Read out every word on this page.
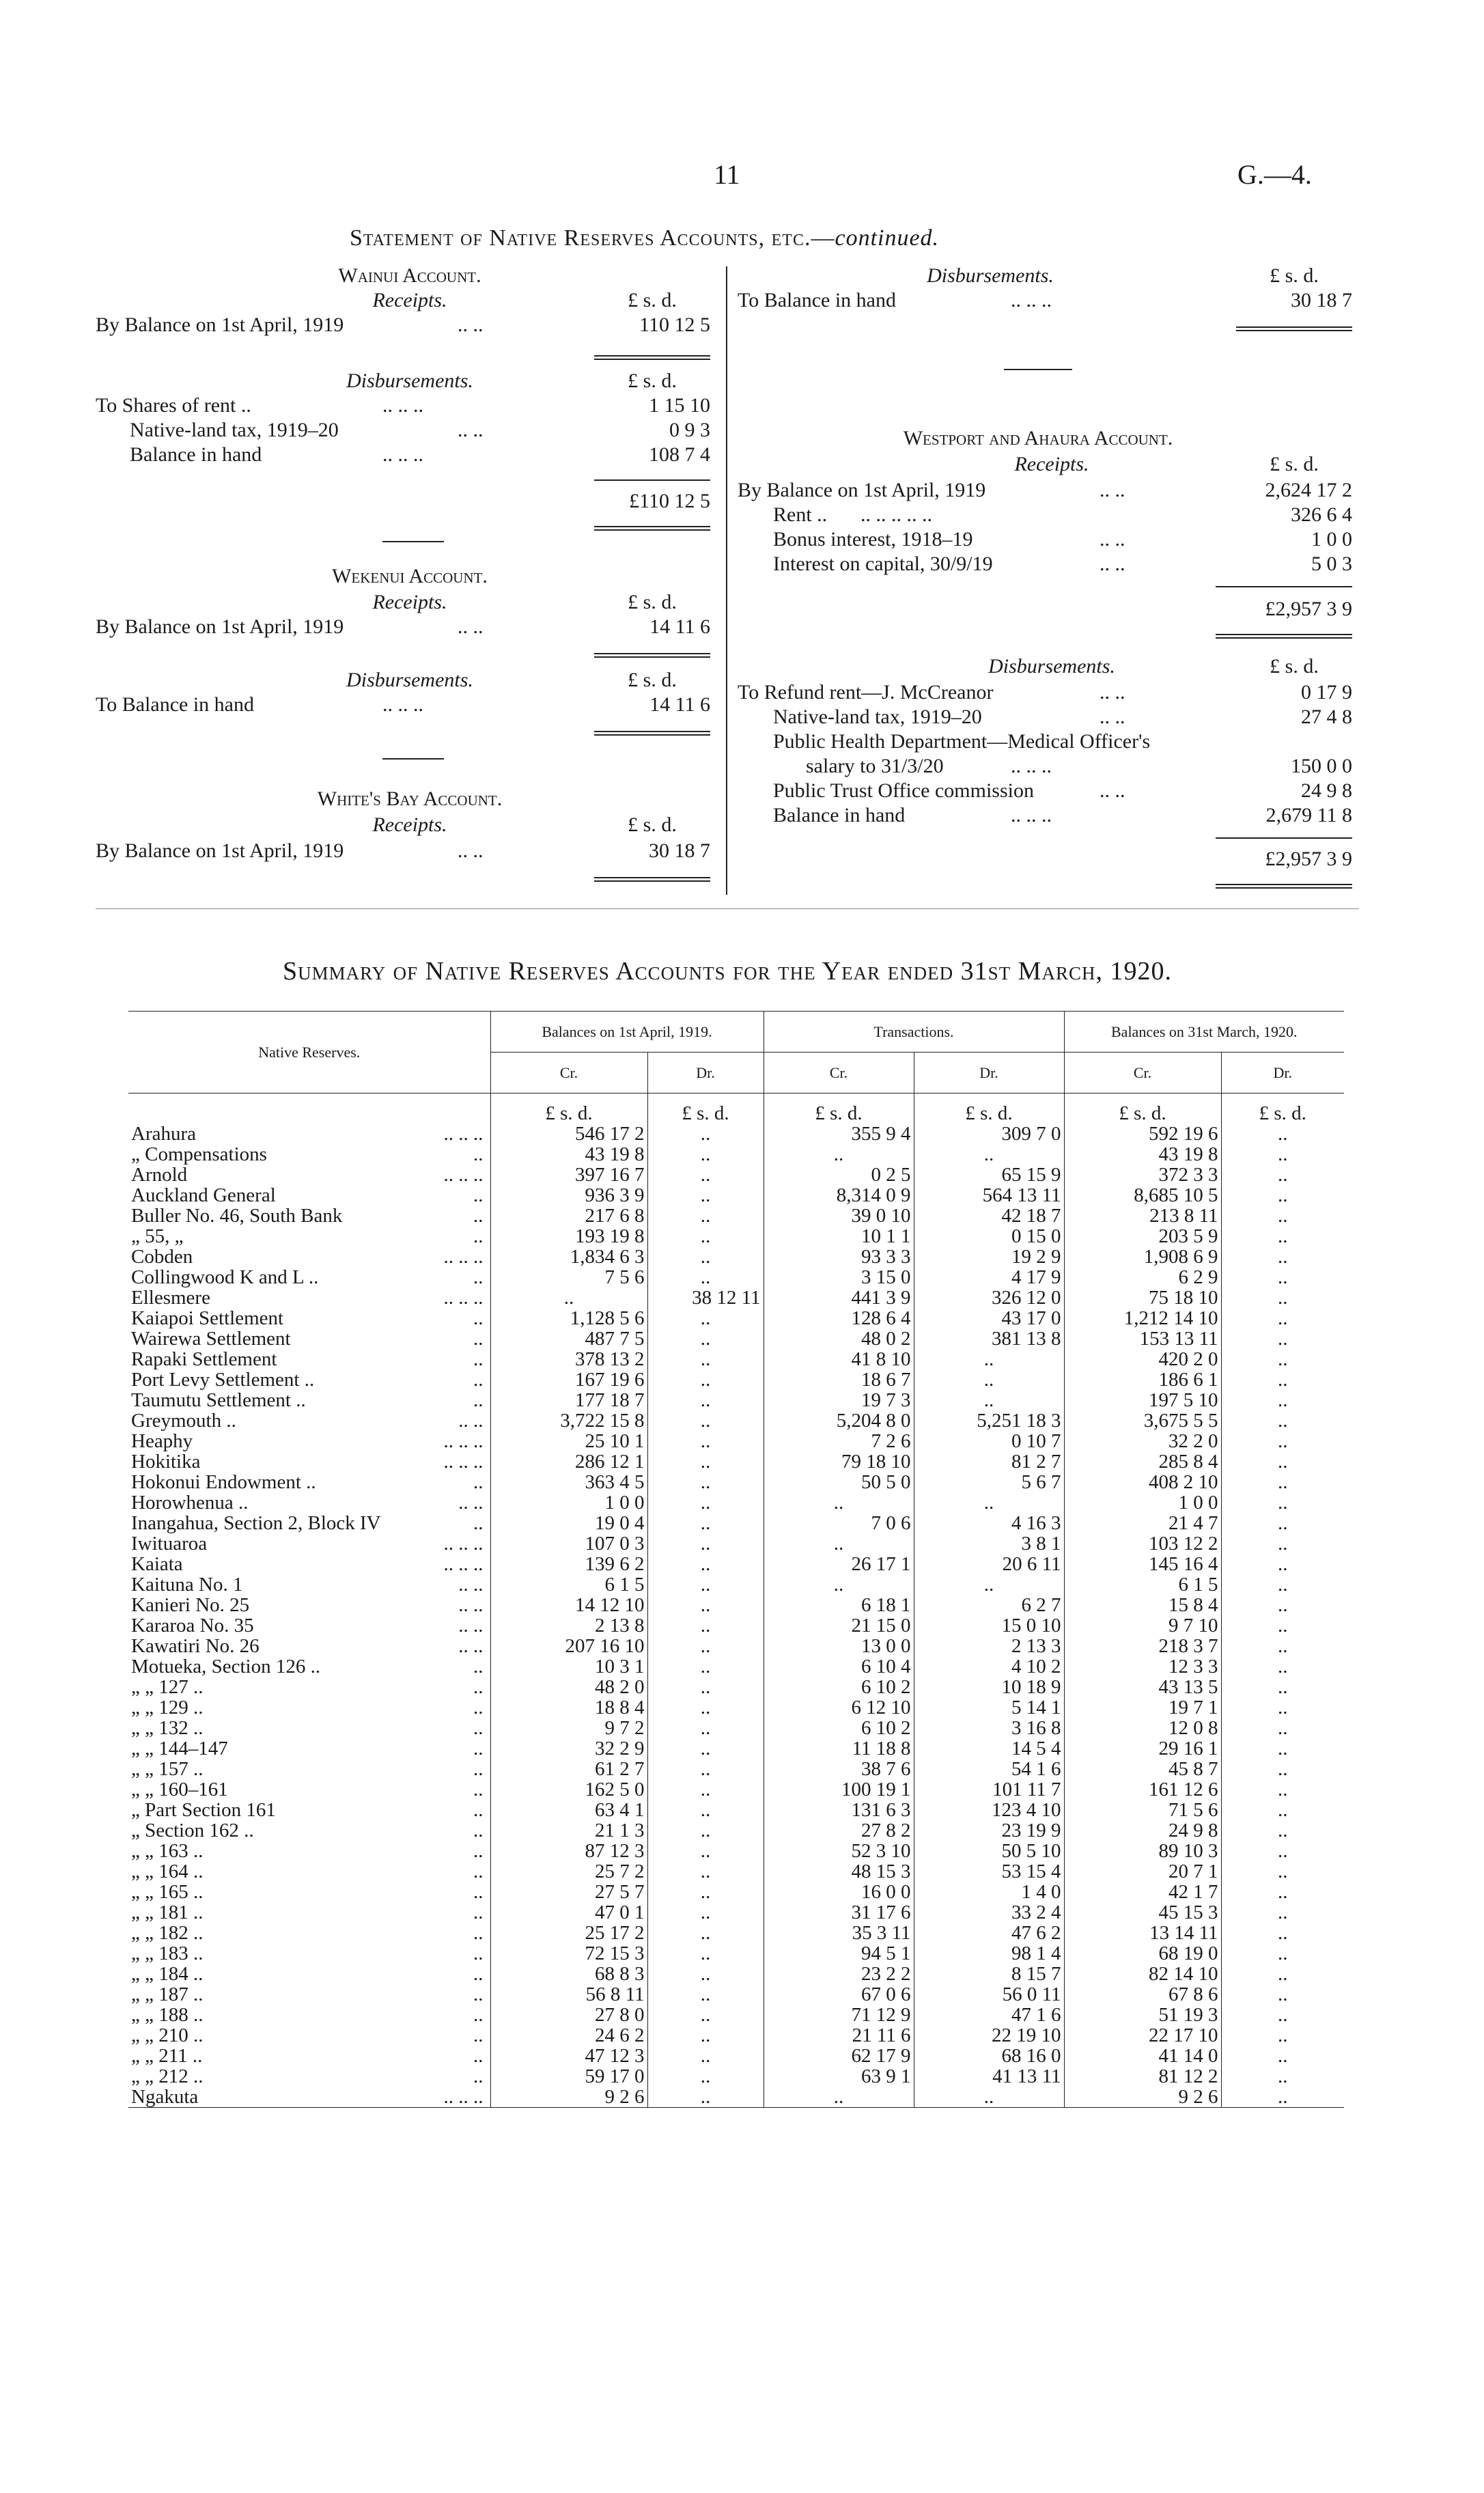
11	G.—4.
Statement of Native Reserves Accounts, etc.—continued.
Wainui Account.
Receipts.	£ s. d.
By Balance on 1st April, 1919	.. ..	110 12 5
Disbursements.	£ s. d.
To Shares of rent ..	.. .. ..	1 15 10
Native-land tax, 1919–20	.. ..	0 9 3
Balance in hand	.. .. ..	108 7 4
£110 12 5
Wekenui Account.
Receipts.	£ s. d.
By Balance on 1st April, 1919	.. ..	14 11 6
Disbursements.	£ s. d.
To Balance in hand	.. .. ..	14 11 6
White's Bay Account.
Receipts.	£ s. d.
By Balance on 1st April, 1919	.. ..	30 18 7
Disbursements.	£ s. d.
To Balance in hand	.. .. ..	30 18 7
Westport and Ahaura Account.
Receipts.	£ s. d.
By Balance on 1st April, 1919	.. ..	2,624 17 2
Rent .. .. .. .. .. ..	326 6 4
Bonus interest, 1918–19	.. ..	1 0 0
Interest on capital, 30/9/19	.. ..	5 0 3
£2,957 3 9
Disbursements.	£ s. d.
To Refund rent—J. McCreanor	.. ..	0 17 9
Native-land tax, 1919–20	.. ..	27 4 8
Public Health Department—Medical Officer's
salary to 31/3/20	.. .. ..	150 0 0
Public Trust Office commission	.. ..	24 9 8
Balance in hand	.. .. ..	2,679 11 8
£2,957 3 9
Summary of Native Reserves Accounts for the Year ended 31st March, 1920.
Native Reserves.	Balances on 1st April, 1919.		Transactions.		Balances on 31st March, 1920.	
	Cr.	Dr.	Cr.	Dr.	Cr.	Dr.
	£ s. d.	£ s. d.	£ s. d.	£ s. d.	£ s. d.	£ s. d.
Arahura .. .. ..	546 17 2	..	355 9 4	309 7 0	592 19 6	..
„ Compensations ..	43 19 8	..	..	..	43 19 8	..
Arnold .. .. ..	397 16 7	..	0 2 5	65 15 9	372 3 3	..
Auckland General ..	936 3 9	..	8,314 0 9	564 13 11	8,685 10 5	..
Buller No. 46, South Bank ..	217 6 8	..	39 0 10	42 18 7	213 8 11	..
„ 55, „ ..	193 19 8	..	10 1 1	0 15 0	203 5 9	..
Cobden .. .. ..	1,834 6 3	..	93 3 3	19 2 9	1,908 6 9	..
Collingwood K and L .. ..	7 5 6	..	3 15 0	4 17 9	6 2 9	..
Ellesmere .. .. ..	..	38 12 11	441 3 9	326 12 0	75 18 10	..
Kaiapoi Settlement ..	1,128 5 6	..	128 6 4	43 17 0	1,212 14 10	..
Wairewa Settlement ..	487 7 5	..	48 0 2	381 13 8	153 13 11	..
Rapaki Settlement ..	378 13 2	..	41 8 10	..	420 2 0	..
Port Levy Settlement .. ..	167 19 6	..	18 6 7	..	186 6 1	..
Taumutu Settlement .. ..	177 18 7	..	19 7 3	..	197 5 10	..
Greymouth .. .. ..	3,722 15 8	..	5,204 8 0	5,251 18 3	3,675 5 5	..
Heaphy .. .. ..	25 10 1	..	7 2 6	0 10 7	32 2 0	..
Hokitika .. .. ..	286 12 1	..	79 18 10	81 2 7	285 8 4	..
Hokonui Endowment .. ..	363 4 5	..	50 5 0	5 6 7	408 2 10	..
Horowhenua .. .. ..	1 0 0	..	..	..	1 0 0	..
Inangahua, Section 2, Block IV ..	19 0 4	..	7 0 6	4 16 3	21 4 7	..
Iwituaroa .. .. ..	107 0 3	..	..	3 8 1	103 12 2	..
Kaiata .. .. ..	139 6 2	..	26 17 1	20 6 11	145 16 4	..
Kaituna No. 1 .. ..	6 1 5	..	..	..	6 1 5	..
Kanieri No. 25 .. ..	14 12 10	..	6 18 1	6 2 7	15 8 4	..
Kararoa No. 35 .. ..	2 13 8	..	21 15 0	15 0 10	9 7 10	..
Kawatiri No. 26 .. ..	207 16 10	..	13 0 0	2 13 3	218 3 7	..
Motueka, Section 126 .. ..	10 3 1	..	6 10 4	4 10 2	12 3 3	..
„ „ 127 .. ..	48 2 0	..	6 10 2	10 18 9	43 13 5	..
„ „ 129 .. ..	18 8 4	..	6 12 10	5 14 1	19 7 1	..
„ „ 132 .. ..	9 7 2	..	6 10 2	3 16 8	12 0 8	..
„ „ 144–147 ..	32 2 9	..	11 18 8	14 5 4	29 16 1	..
„ „ 157 .. ..	61 2 7	..	38 7 6	54 1 6	45 8 7	..
„ „ 160–161 ..	162 5 0	..	100 19 1	101 11 7	161 12 6	..
„ Part Section 161 ..	63 4 1	..	131 6 3	123 4 10	71 5 6	..
„ Section 162 .. ..	21 1 3	..	27 8 2	23 19 9	24 9 8	..
„ „ 163 .. ..	87 12 3	..	52 3 10	50 5 10	89 10 3	..
„ „ 164 .. ..	25 7 2	..	48 15 3	53 15 4	20 7 1	..
„ „ 165 .. ..	27 5 7	..	16 0 0	1 4 0	42 1 7	..
„ „ 181 .. ..	47 0 1	..	31 17 6	33 2 4	45 15 3	..
„ „ 182 .. ..	25 17 2	..	35 3 11	47 6 2	13 14 11	..
„ „ 183 .. ..	72 15 3	..	94 5 1	98 1 4	68 19 0	..
„ „ 184 .. ..	68 8 3	..	23 2 2	8 15 7	82 14 10	..
„ „ 187 .. ..	56 8 11	..	67 0 6	56 0 11	67 8 6	..
„ „ 188 .. ..	27 8 0	..	71 12 9	47 1 6	51 19 3	..
„ „ 210 .. ..	24 6 2	..	21 11 6	22 19 10	22 17 10	..
„ „ 211 .. ..	47 12 3	..	62 17 9	68 16 0	41 14 0	..
„ „ 212 .. ..	59 17 0	..	63 9 1	41 13 11	81 12 2	..
Ngakuta .. .. ..	9 2 6	..	..	..	9 2 6	..
